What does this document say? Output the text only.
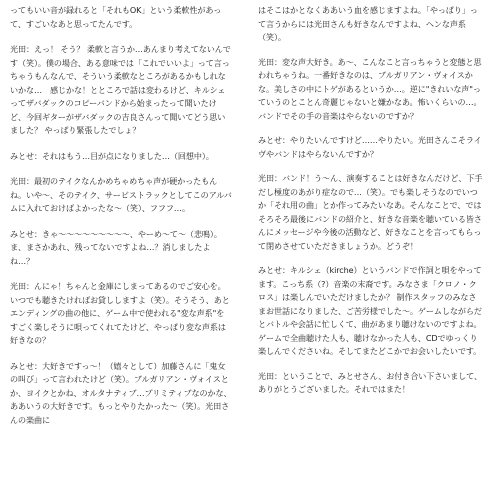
ってもいい音が録れると「それもOK」という柔軟性があって、すごいなあと思ってたんです。

光田：えっ！ そう？ 柔軟と言うか…あんまり考えてないんです（笑）。僕の場合、ある意味では「これでいいよ」って言っちゃうもんなんで、そういう柔軟なところがあるかもしれないかな…　感じかな！とところで話は変わるけど、キルシェってザバダックのコピーバンドから始まったって聞いたけど、今回ギターがザバダックの吉良さんって聞いてどう思いました？ やっぱり緊張したでしょ？

みとせ：それはもう…目が点になりました…（回想中）。

光田：最初のテイクなんかめちゃめちゃ声が硬かったもんね。いや〜、そのテイク、サービストラックとしてこのアルバムに入れておけばよかったな〜（笑）、フフフ…。

みとせ：きゃ〜〜〜〜〜〜〜〜〜、やーめ〜て〜（悲鳴）。ま、まさかあれ、残ってないですよね…？消しましたよね…？

光田：んにゃ！ちゃんと金庫にしまってあるのでご安心を。いつでも聴きたければお貸ししますよ（笑）。そうそう、あとエンディングの曲の他に、ゲーム中で使われる"変な声系"をすごく楽しそうに唄ってくれてたけど、やっぱり変な声系は好きなの？

みとせ：大好きですっ〜！（嬉々として）加藤さんに「鬼女の叫び」って言われたけど（笑）。ブルガリアン・ヴォイスとか、ヨイクとかね、オルタナティブ…プリミティブなのかな、ああいうの大好きです。もっとやりたかった〜（笑）。光田さんの楽曲に

はそこはかとなくああいう血を感じますよね。「やっぱり」って言うからには光田さんも好きなんですよね、ヘンな声系（笑）。

光田：変な声大好き。あ〜、こんなこと言っちゃうと変態と思われちゃうね。一番好きなのは、ブルガリアン・ヴォイスかな。美しさの中にトゲがあるというか…。逆に"きれいな声"っていうのとことん奇麗じゃないと嫌かなあ。怖いくらいの…。バンドでその手の音楽はやらないのですか？

みとせ：やりたいんですけど……やりたい。光田さんこそライヴやバンドはやらないんですか？

光田：バンド！う〜ん、演奏することは好きなんだけど、下手だし極度のあがり症なので…（笑）。でも楽しそうなのでいつか「それ用の曲」とか作ってみたいなあ。そんなことで、ではそろそろ最後にバンドの紹介と、好きな音楽を聴いている皆さんにメッセージや今後の活動など、好きなことを言ってもらって閉めさせていただきましょうか。どうぞ！

みとせ：キルシェ（kirche）というバンドで作詞と唄をやってます。こっち系（?）音楽の末裔です。みなさま「クロノ・クロス」は楽しんでいただけましたか？ 制作スタッフのみなさまお世話になりました、ご苦労様でした〜。ゲームしながらだとバトルや会話に忙しくて、曲があまり聴けないのですよね。ゲームで全曲聴けた人も、聴けなかった人も、CDでゆっくり楽しんでくださいね。そしてまたどこかでお会いしたいです。

光田：ということで、みとせさん、お付き合い下さいまして、ありがとうございました。それではまた！
